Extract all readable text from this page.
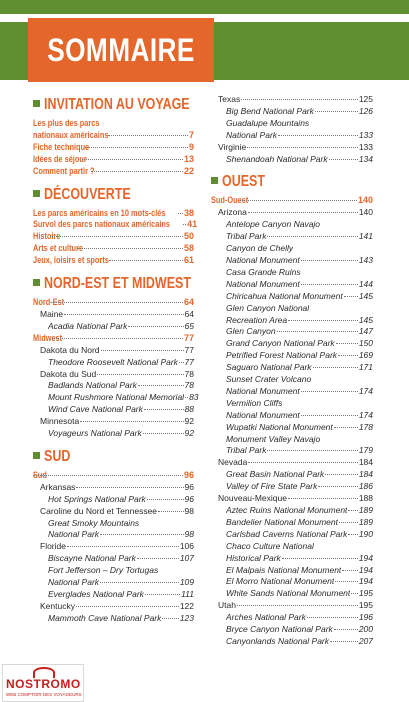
SOMMAIRE
INVITATION AU VOYAGE
Les plus des parcs
nationaux américains	7
Fiche technique	9
Idées de séjour	13
Comment partir ?	22
DÉCOUVERTE
Les parcs américains en 10 mots-clés 38
Survol des parcs nationaux américains 41
Histoire	50
Arts et culture	58
Jeux, loisirs et sports	61
NORD-EST ET MIDWEST
Nord-Est	64
Maine	64
Acadia National Park	65
Midwest	77
Dakota du Nord	77
Theodore Roosevelt National Park 77
Dakota du Sud	78
Badlands National Park	78
Mount Rushmore National Memorial 83
Wind Cave National Park	88
Minnesota	92
Voyageurs National Park	92
SUD
Sud	96
Arkansas	96
Hot Springs National Park	96
Caroline du Nord et Tennessee	98
Great Smoky Mountains
National Park	98
Floride	106
Biscayne National Park	107
Fort Jefferson – Dry Tortugas
National Park	109
Everglades National Park	111
Kentucky	122
Mammoth Cave National Park 123
Texas	125
Big Bend National Park	126
Guadalupe Mountains
National Park	133
Virginie	133
Shenandoah National Park	134
OUEST
Sud-Ouest	140
Arizona	140
Antelope Canyon Navajo
Tribal Park	141
Canyon de Chelly
National Monument	143
Casa Grande Ruins
National Monument	144
Chiricahua National Monument 145
Glen Canyon National
Recreation Area	145
Glen Canyon	147
Grand Canyon National Park	150
Petrified Forest National Park	169
Saguaro National Park	171
Sunset Crater Volcano
National Monument	174
Vermilion Cliffs
National Monument	174
Wupatki National Monument	178
Monument Valley Navajo
Tribal Park	179
Nevada	184
Great Basin National Park	184
Valley of Fire State Park	186
Nouveau-Mexique	188
Aztec Ruins National Monument 189
Bandelier National Monument 189
Carlsbad Caverns National Park 190
Chaco Culture National
Historical Park	194
El Malpais National Monument 194
El Morro National Monument	194
White Sands National Monument 195
Utah	195
Arches National Park	196
Bryce Canyon National Park	200
Canyonlands National Park	207
NOSTROMO
WEB COMPTOIR DES VOYAGEURS
